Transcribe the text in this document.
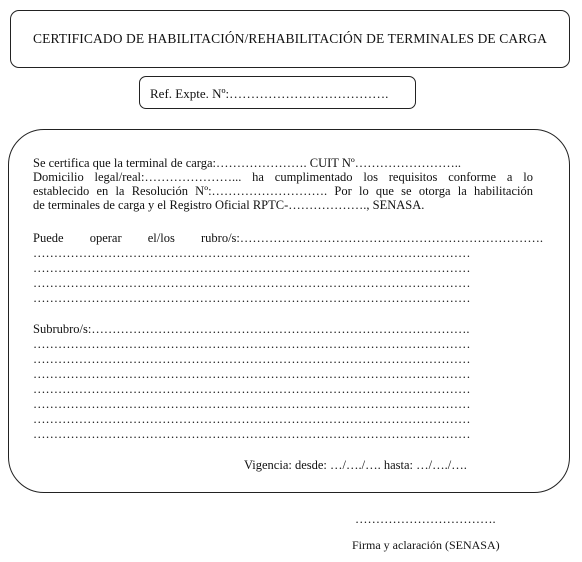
CERTIFICADO DE HABILITACIÓN/REHABILITACIÓN DE TERMINALES DE CARGA
Ref. Expte. Nº:……………………………….
Se certifica que la terminal de carga:…………………. CUIT Nº……………………..
Domicilio legal/real:…………………... ha cumplimentado los requisitos conforme a lo
establecido en la Resolución Nº:………………………. Por lo que se otorga la habilitación
de terminales de carga y el Registro Oficial RPTC-………………., SENASA.
Puede operar el/los rubro/s:……………………………………………………………….
……………………………………………………………………………………………
……………………………………………………………………………………………
……………………………………………………………………………………………
……………………………………………………………………………………………
Subrubro/s:……………………………………………………………………………….
……………………………………………………………………………………………
……………………………………………………………………………………………
……………………………………………………………………………………………
……………………………………………………………………………………………
……………………………………………………………………………………………
……………………………………………………………………………………………
……………………………………………………………………………………………
Vigencia: desde: …/…./…. hasta: …/…./….
…………………………….
Firma y aclaración (SENASA)
